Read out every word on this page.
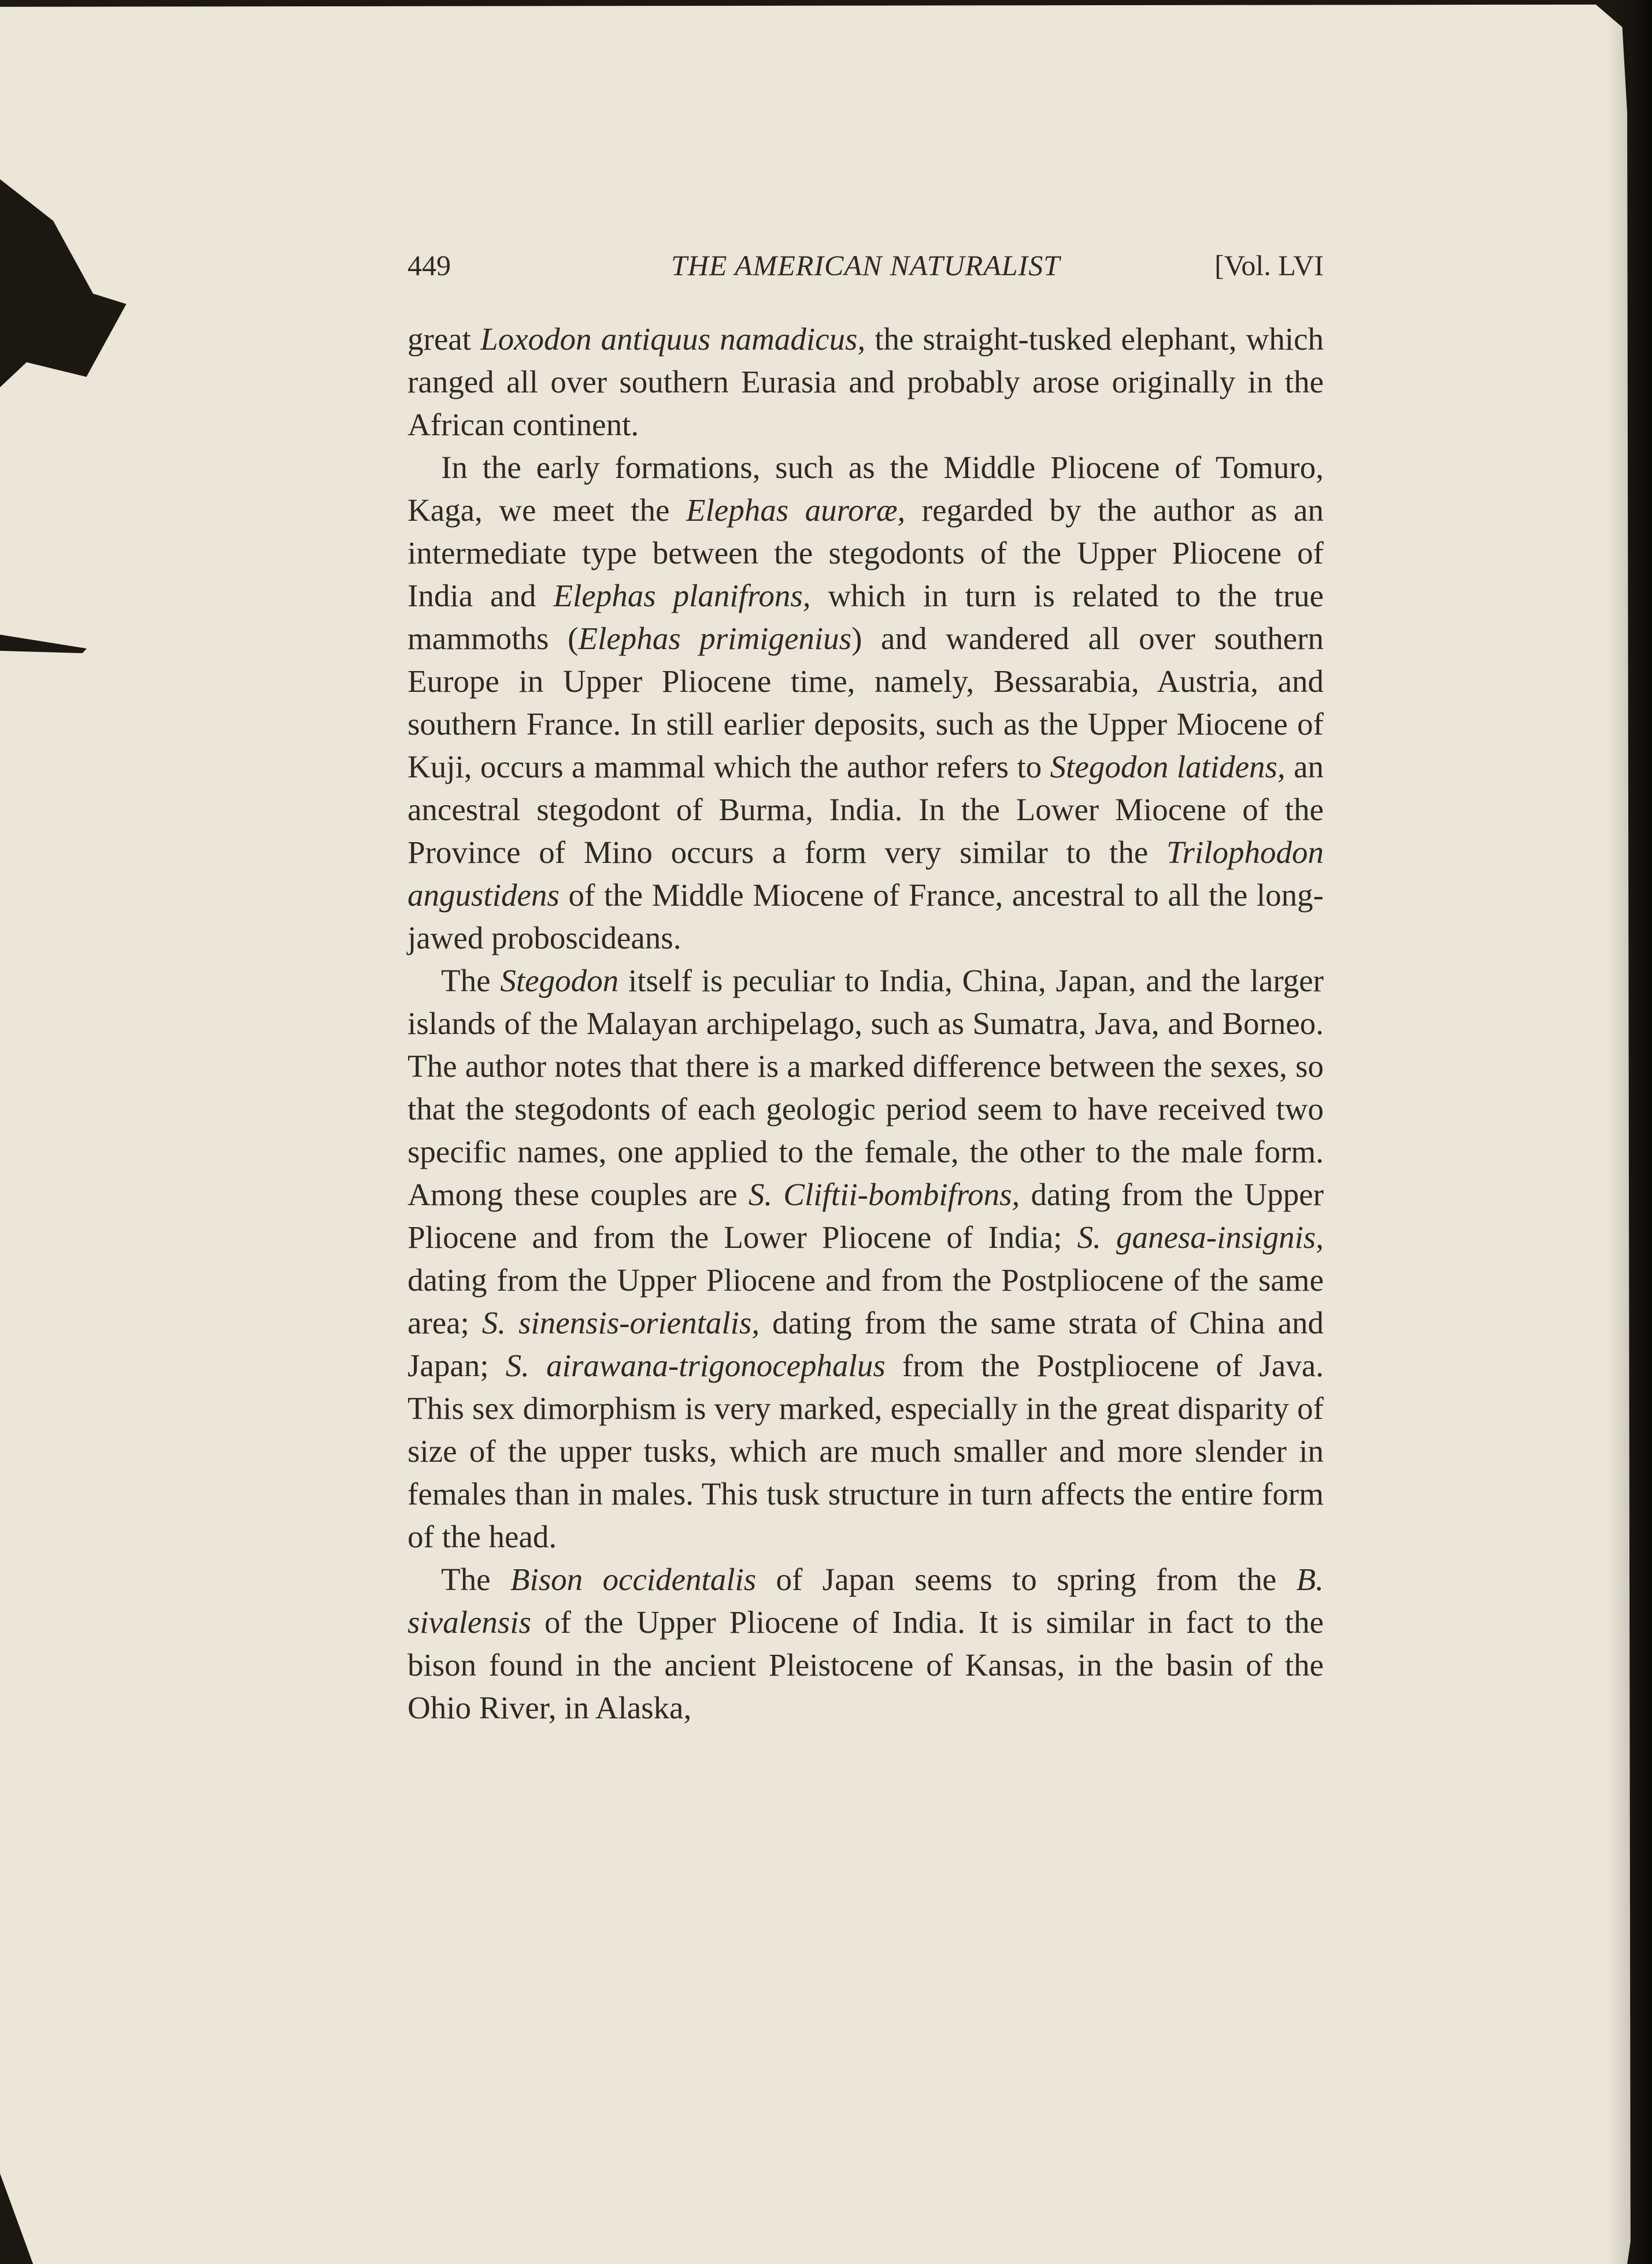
449	THE AMERICAN NATURALIST	[Vol. LVI

great Loxodon antiquus namadicus, the straight-tusked elephant, which ranged all over southern Eurasia and probably arose originally in the African continent.

In the early formations, such as the Middle Pliocene of Tomuro, Kaga, we meet the Elephas auroræ, regarded by the author as an intermediate type between the stegodonts of the Upper Pliocene of India and Elephas planifrons, which in turn is related to the true mammoths (Elephas primigenius) and wandered all over southern Europe in Upper Pliocene time, namely, Bessarabia, Austria, and southern France. In still earlier deposits, such as the Upper Miocene of Kuji, occurs a mammal which the author refers to Stegodon latidens, an ancestral stegodont of Burma, India. In the Lower Miocene of the Province of Mino occurs a form very similar to the Trilophodon angustidens of the Middle Miocene of France, ancestral to all the long-jawed proboscideans.

The Stegodon itself is peculiar to India, China, Japan, and the larger islands of the Malayan archipelago, such as Sumatra, Java, and Borneo. The author notes that there is a marked difference between the sexes, so that the stegodonts of each geologic period seem to have received two specific names, one applied to the female, the other to the male form. Among these couples are S. Cliftii-bombifrons, dating from the Upper Pliocene and from the Lower Pliocene of India; S. ganesa-insignis, dating from the Upper Pliocene and from the Postpliocene of the same area; S. sinensis-orientalis, dating from the same strata of China and Japan; S. airawana-trigonocephalus from the Postpliocene of Java. This sex dimorphism is very marked, especially in the great disparity of size of the upper tusks, which are much smaller and more slender in females than in males. This tusk structure in turn affects the entire form of the head.

The Bison occidentalis of Japan seems to spring from the B. sivalensis of the Upper Pliocene of India. It is similar in fact to the bison found in the ancient Pleistocene of Kansas, in the basin of the Ohio River, in Alaska,
